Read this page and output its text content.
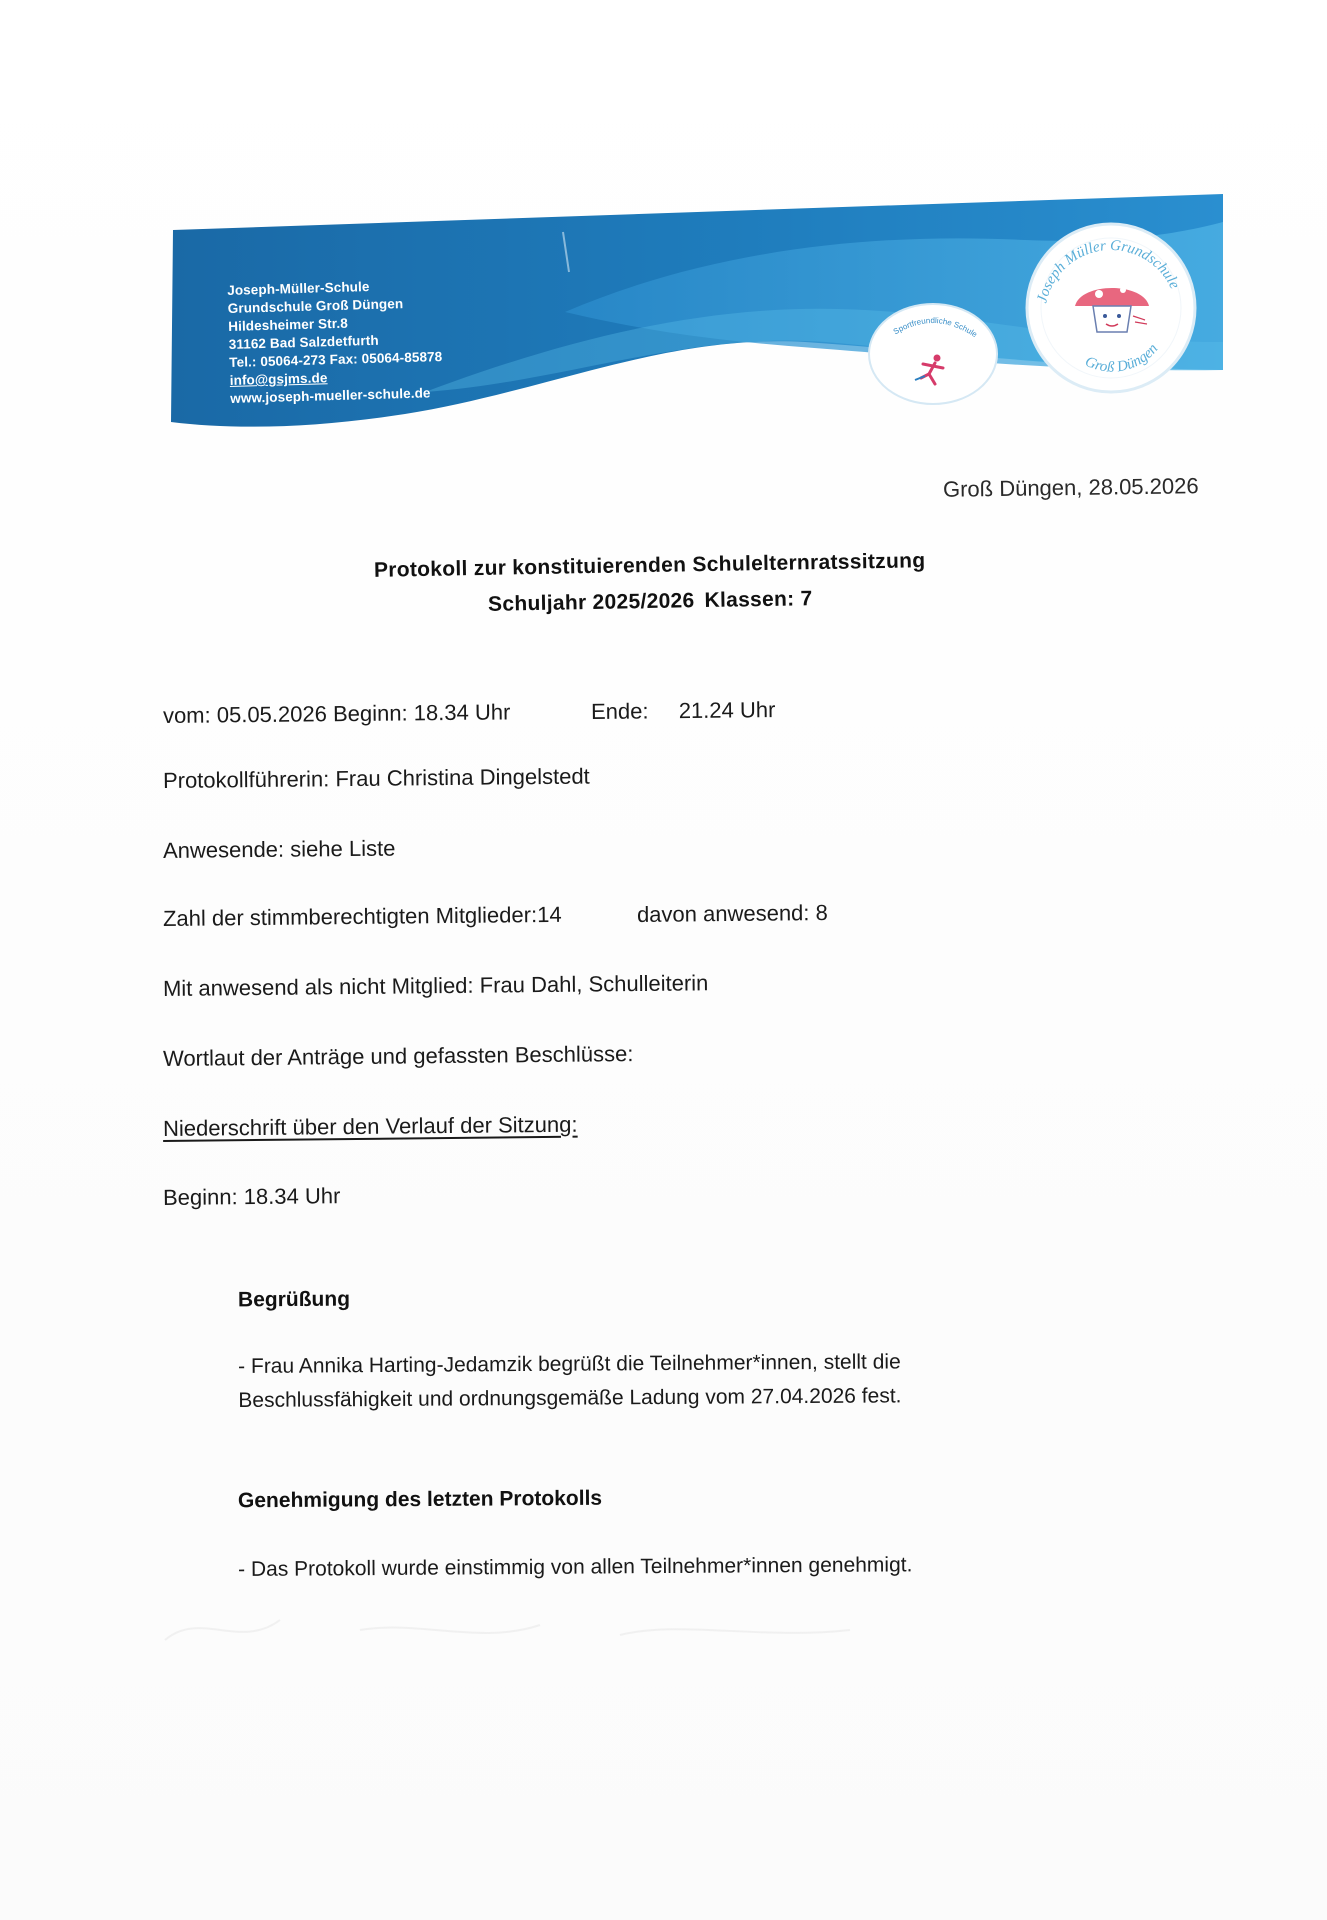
Joseph-Müller-Schule
Grundschule Groß Düngen
Hildesheimer Str.8
31162 Bad Salzdetfurth
Tel.: 05064-273 Fax: 05064-85878
info@gsjms.de
www.joseph-mueller-schule.de
Sportfreundliche Schule
Joseph Müller Grundschule
Groß Düngen
Groß Düngen, 28.05.2026
Protokoll zur konstituierenden Schulelternratssitzung
Schuljahr 2025/2026 Klassen: 7
vom: 05.05.2026 Beginn: 18.34 Uhr	Ende: 21.24 Uhr
Protokollführerin: Frau Christina Dingelstedt
Anwesende: siehe Liste
Zahl der stimmberechtigten Mitglieder:14	davon anwesend: 8
Mit anwesend als nicht Mitglied: Frau Dahl, Schulleiterin
Wortlaut der Anträge und gefassten Beschlüsse:
Niederschrift über den Verlauf der Sitzung:
Beginn: 18.34 Uhr
Begrüßung
- Frau Annika Harting-Jedamzik begrüßt die Teilnehmer*innen, stellt die
Beschlussfähigkeit und ordnungsgemäße Ladung vom 27.04.2026 fest.
Genehmigung des letzten Protokolls
- Das Protokoll wurde einstimmig von allen Teilnehmer*innen genehmigt.
